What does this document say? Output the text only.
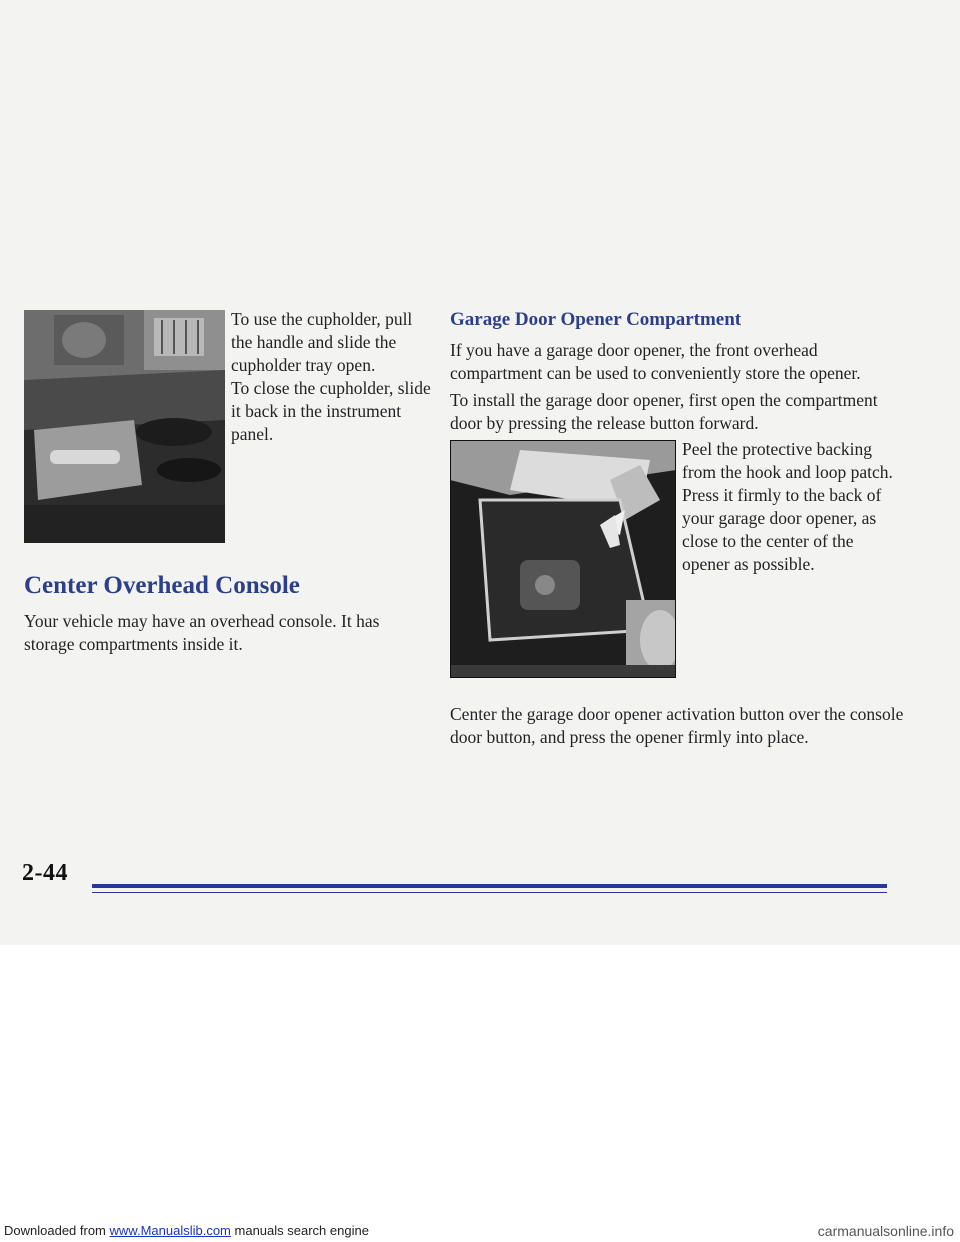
To use the cupholder, pull the handle and slide the cupholder tray open.

To close the cupholder, slide it back in the instrument panel.

Center Overhead Console

Your vehicle may have an overhead console. It has storage compartments inside it.

Garage Door Opener Compartment

If you have a garage door opener, the front overhead compartment can be used to conveniently store the opener.

To install the garage door opener, first open the compartment door by pressing the release button forward.

Peel the protective backing from the hook and loop patch. Press it firmly to the back of your garage door opener, as close to the center of the opener as possible.

Center the garage door opener activation button over the console door button, and press the opener firmly into place.

2-44
Downloaded from www.Manualslib.com manuals search engine	carmanualsonline.info
